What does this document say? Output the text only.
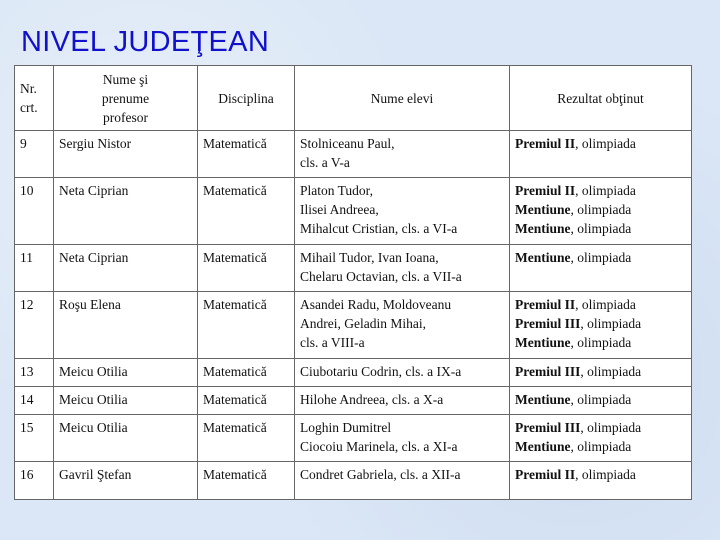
NIVEL JUDEŢEAN
Nr.
crt.	Nume şi
prenume
profesor	Disciplina	Nume elevi	Rezultat obţinut
9	Sergiu Nistor	Matematică	Stolniceanu Paul,
cls. a V-a	Premiul II, olimpiada

10	Neta Ciprian	Matematică	Platon Tudor,
Ilisei Andreea,
Mihalcut Cristian, cls. a VI-a	Premiul II, olimpiada
Mentiune, olimpiada
Mentiune, olimpiada

11	Neta Ciprian	Matematică	Mihail Tudor, Ivan Ioana,
Chelaru Octavian, cls. a VII-a	Mentiune, olimpiada

12	Roşu Elena	Matematică	Asandei Radu, Moldoveanu
Andrei, Geladin Mihai,
cls. a VIII-a	Premiul II, olimpiada
Premiul III, olimpiada
Mentiune, olimpiada

13	Meicu Otilia	Matematică	Ciubotariu Codrin, cls. a IX-a	Premiul III, olimpiada

14	Meicu Otilia	Matematică	Hilohe Andreea, cls. a X-a	Mentiune, olimpiada

15	Meicu Otilia	Matematică	Loghin Dumitrel
Ciocoiu Marinela, cls. a XI-a	Premiul III, olimpiada
Mentiune, olimpiada

16	Gavril Ştefan	Matematică	Condret Gabriela, cls. a XII-a	Premiul II, olimpiada
